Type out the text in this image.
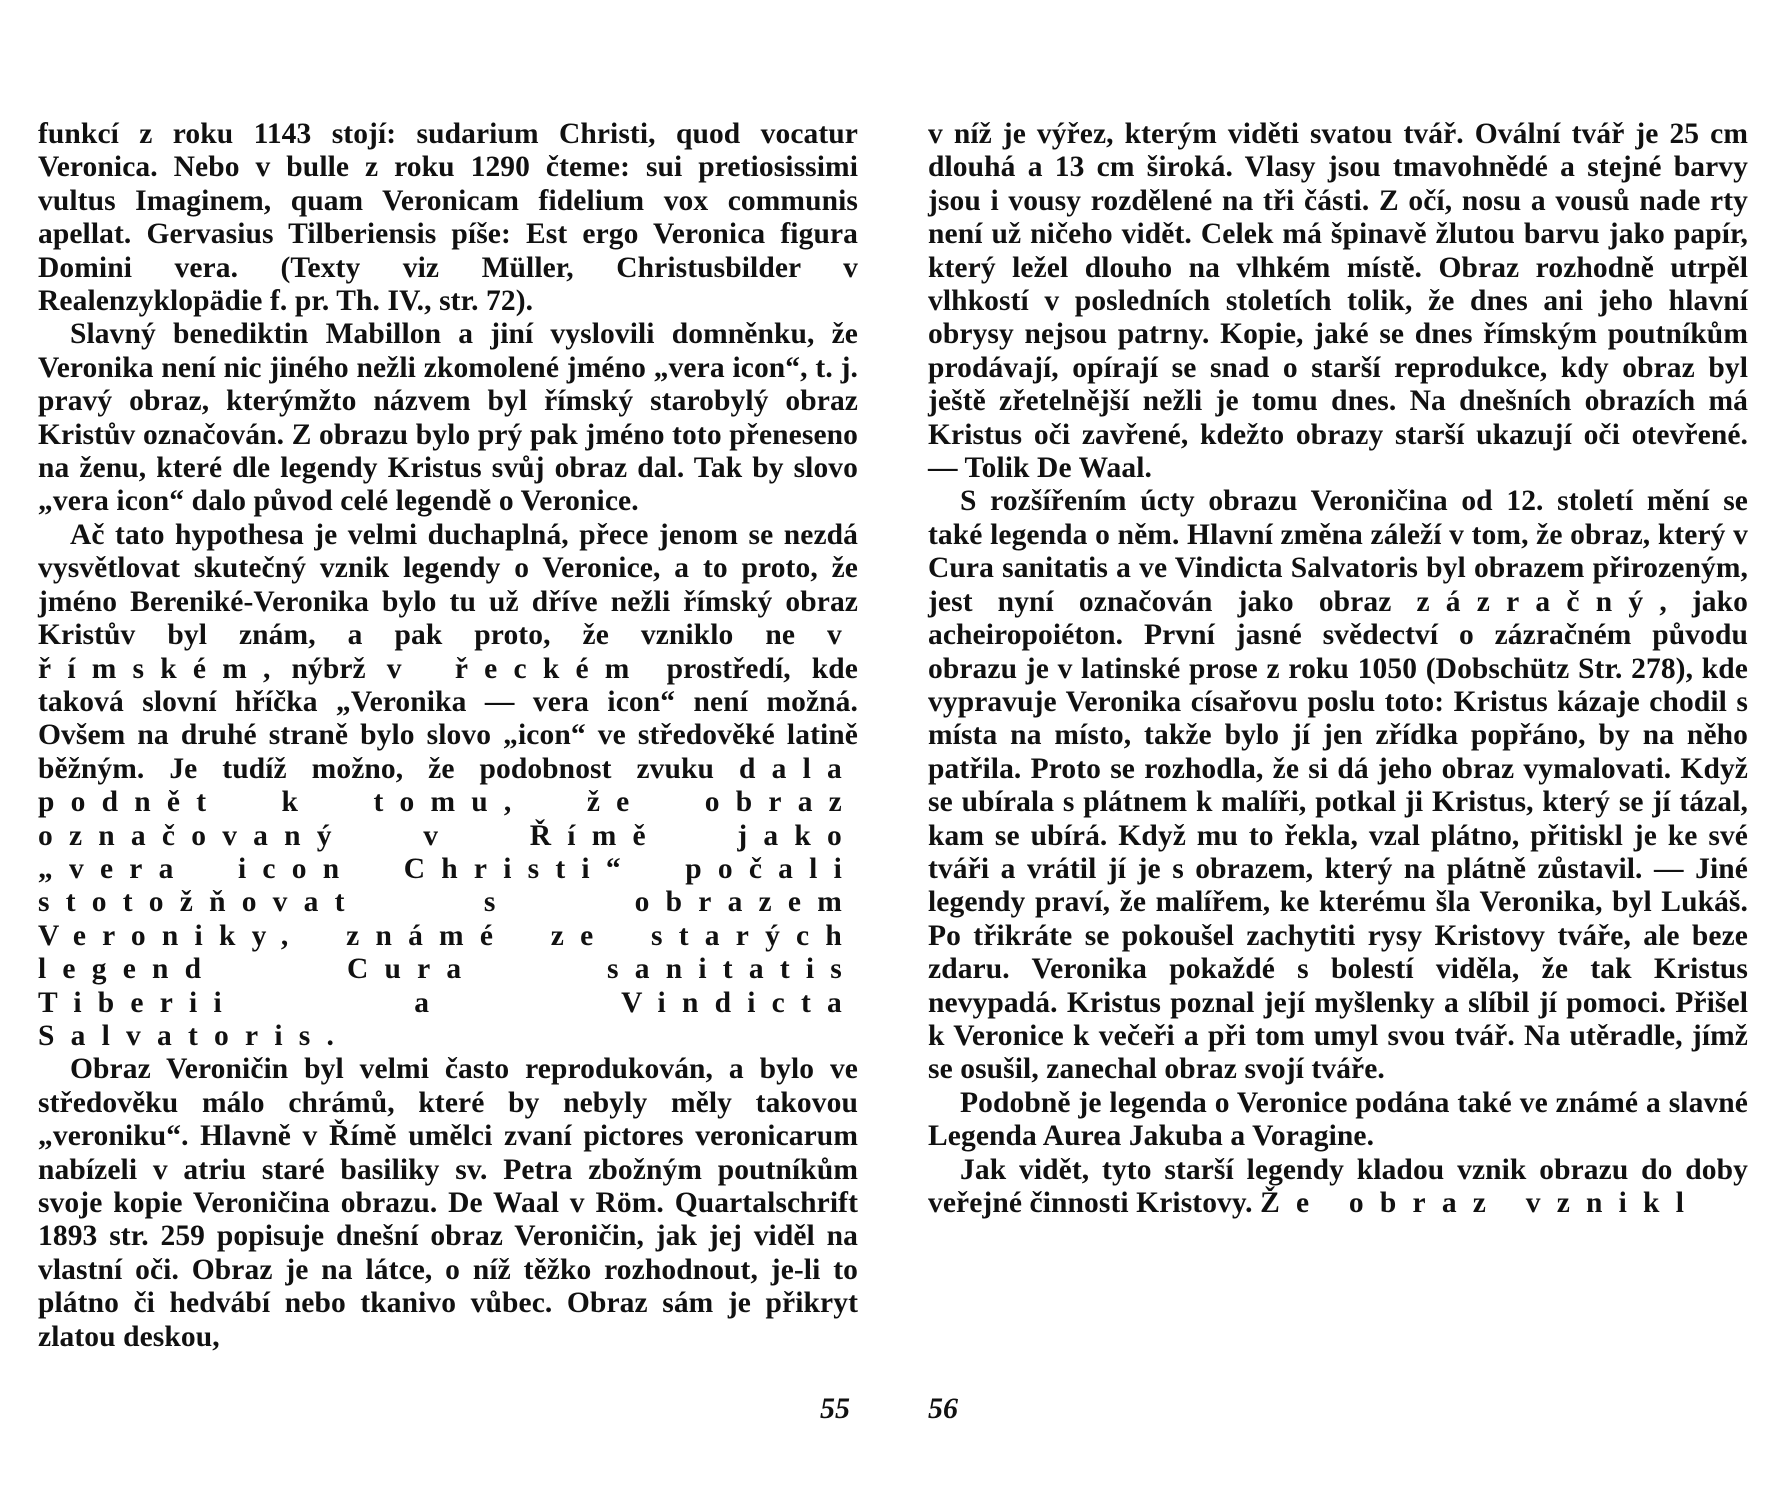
funkcí z roku 1143 stojí: sudarium Christi, quod vocatur Veronica. Nebo v bulle z roku 1290 čteme: sui pretiosissimi vultus Imaginem, quam Veronicam fidelium vox communis apellat. Gervasius Tilberiensis píše: Est ergo Veronica figura Domini vera. (Texty viz Müller, Christusbilder v Realenzyklopädie f. pr. Th. IV., str. 72).

Slavný benediktin Mabillon a jiní vyslovili domněnku, že Veronika není nic jiného nežli zkomolené jméno „vera icon“, t. j. pravý obraz, kterýmžto názvem byl římský starobylý obraz Kristův označován. Z obrazu bylo prý pak jméno toto přeneseno na ženu, které dle legendy Kristus svůj obraz dal. Tak by slovo „vera icon“ dalo původ celé legendě o Veronice.

Ač tato hypothesa je velmi duchaplná, přece jenom se nezdá vysvětlovat skutečný vznik legendy o Veronice, a to proto, že jméno Bereniké-Veronika bylo tu už dříve nežli římský obraz Kristův byl znám, a pak proto, že vzniklo ne v římském, nýbrž v řeckém prostředí, kde taková slovní hříčka „Veronika — vera icon“ není možná. Ovšem na druhé straně bylo slovo „icon“ ve středověké latině běžným. Je tudíž možno, že podobnost zvuku dala podnět k tomu, že obraz označovaný v Římě jako „vera icon Christi“ počali stotožňovat s obrazem Veroniky, známé ze starých legend Cura sanitatis Tiberii a Vindicta Salvatoris.

Obraz Veroničin byl velmi často reprodukován, a bylo ve středověku málo chrámů, které by nebyly měly takovou „veroniku“. Hlavně v Římě umělci zvaní pictores veronicarum nabízeli v atriu staré basiliky sv. Petra zbožným poutníkům svoje kopie Veroničina obrazu. De Waal v Röm. Quartalschrift 1893 str. 259 popisuje dnešní obraz Veroničin, jak jej viděl na vlastní oči. Obraz je na látce, o níž těžko rozhodnout, je-li to plátno či hedvábí nebo tkanivo vůbec. Obraz sám je přikryt zlatou deskou,

v níž je výřez, kterým viděti svatou tvář. Ovální tvář je 25 cm dlouhá a 13 cm široká. Vlasy jsou tmavohnědé a stejné barvy jsou i vousy rozdělené na tři části. Z očí, nosu a vousů nade rty není už ničeho vidět. Celek má špinavě žlutou barvu jako papír, který ležel dlouho na vlhkém místě. Obraz rozhodně utrpěl vlhkostí v posledních stoletích tolik, že dnes ani jeho hlavní obrysy nejsou patrny. Kopie, jaké se dnes římským poutníkům prodávají, opírají se snad o starší reprodukce, kdy obraz byl ještě zřetelnější nežli je tomu dnes. Na dnešních obrazích má Kristus oči zavřené, kdežto obrazy starší ukazují oči otevřené. — Tolik De Waal.

S rozšířením úcty obrazu Veroničina od 12. století mění se také legenda o něm. Hlavní změna záleží v tom, že obraz, který v Cura sanitatis a ve Vindicta Salvatoris byl obrazem přirozeným, jest nyní označován jako obraz zázračný, jako acheiropoiéton. První jasné svědectví o zázračném původu obrazu je v latinské prose z roku 1050 (Dobschütz Str. 278), kde vypravuje Veronika císařovu poslu toto: Kristus kázaje chodil s místa na místo, takže bylo jí jen zřídka popřáno, by na něho patřila. Proto se rozhodla, že si dá jeho obraz vymalovati. Když se ubírala s plátnem k malíři, potkal ji Kristus, který se jí tázal, kam se ubírá. Když mu to řekla, vzal plátno, přitiskl je ke své tváři a vrátil jí je s obrazem, který na plátně zůstavil. — Jiné legendy praví, že malířem, ke kterému šla Veronika, byl Lukáš. Po třikráte se pokoušel zachytiti rysy Kristovy tváře, ale beze zdaru. Veronika pokaždé s bolestí viděla, že tak Kristus nevypadá. Kristus poznal její myšlenky a slíbil jí pomoci. Přišel k Veronice k večeři a při tom umyl svou tvář. Na utěradle, jímž se osušil, zanechal obraz svojí tváře.

Podobně je legenda o Veronice podána také ve známé a slavné Legenda Aurea Jakuba a Voragine.

Jak vidět, tyto starší legendy kladou vznik obrazu do doby veřejné činnosti Kristovy. Že obraz vznikl

55	56
